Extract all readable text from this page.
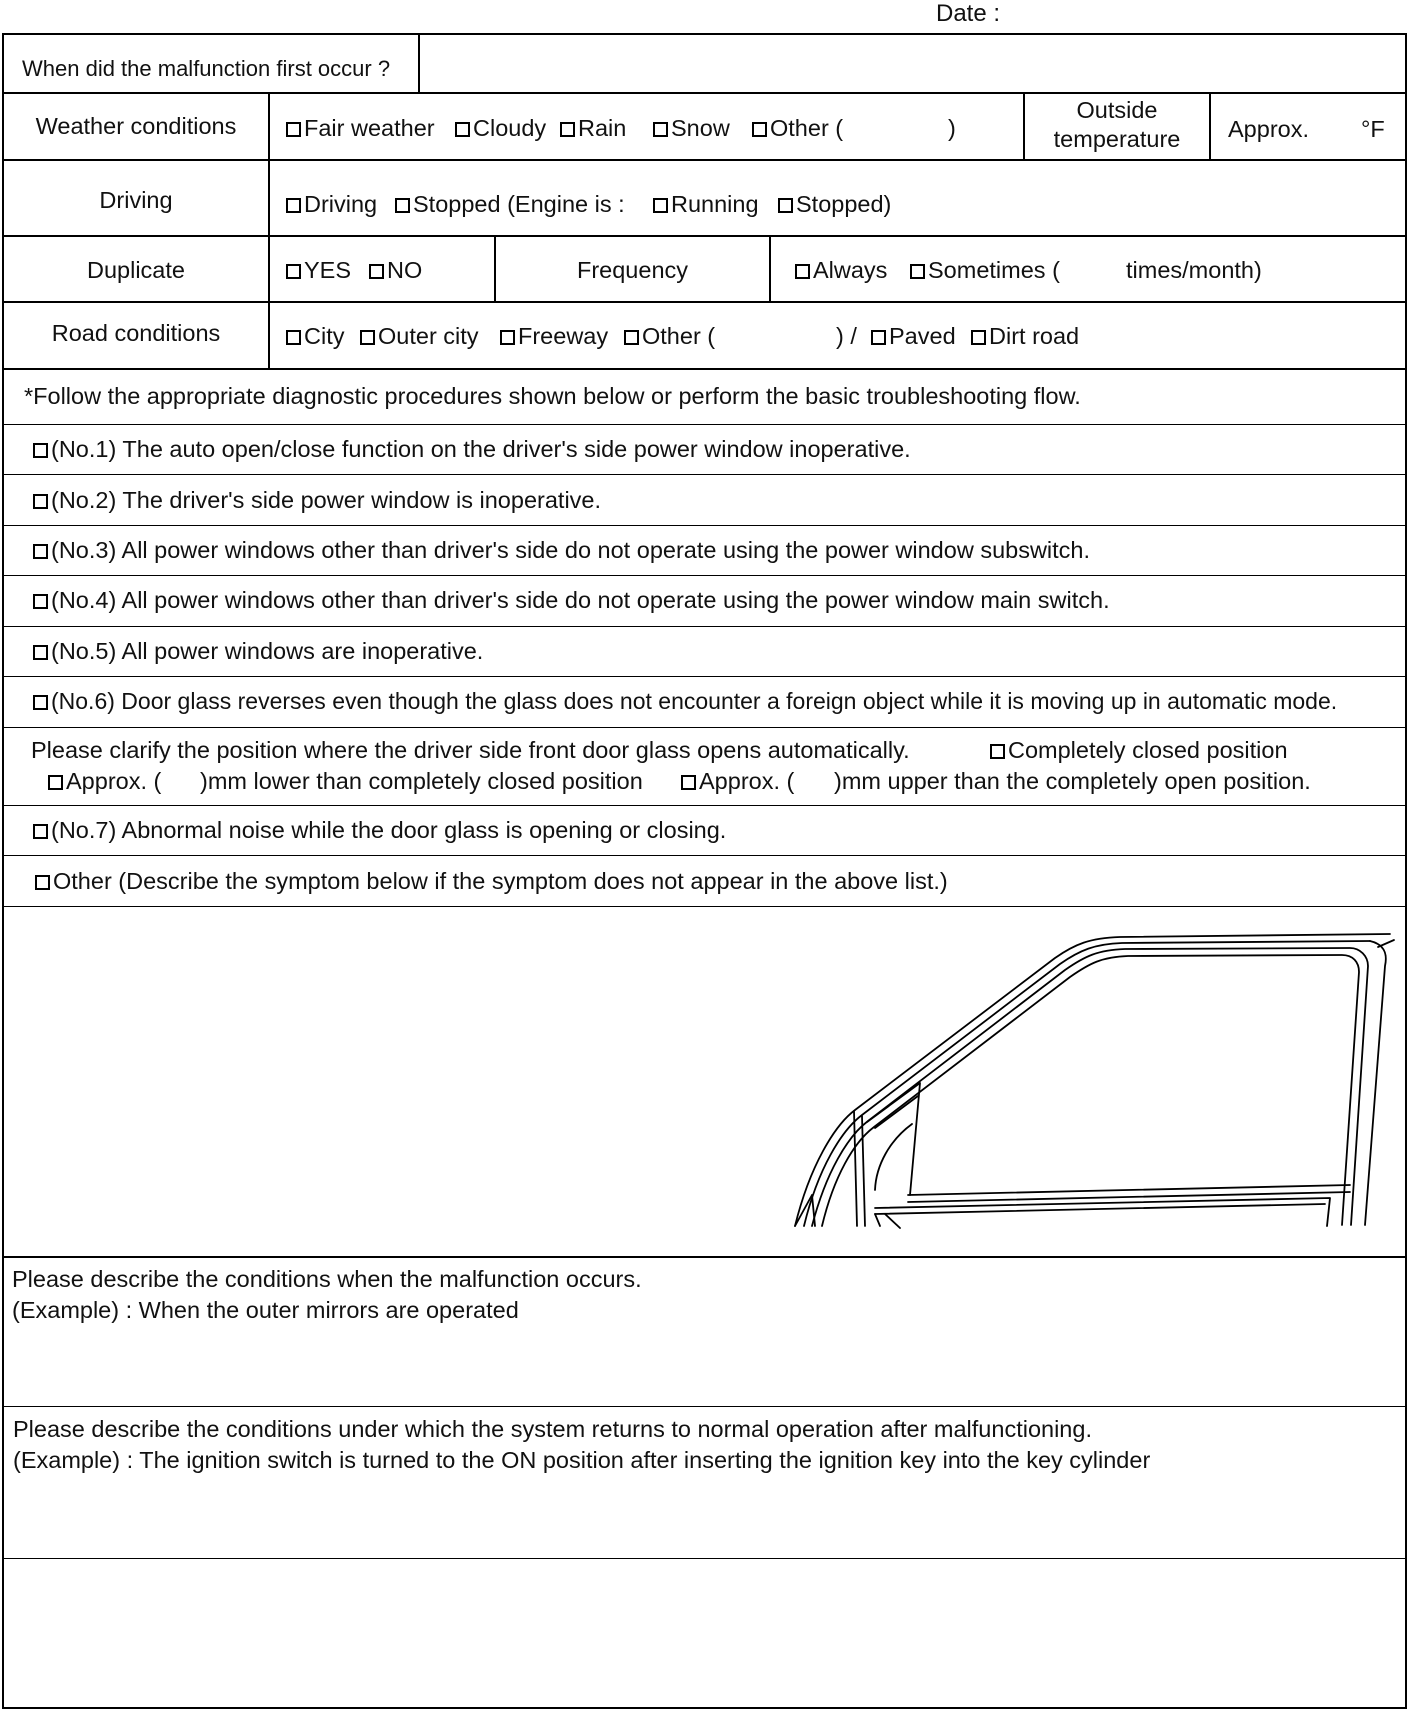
Date :
When did the malfunction first occur ?
Weather conditions	Fair weather	Cloudy	Rain	Snow	Other (	)
Outside
temperature	Approx. °F
Driving	Driving	Stopped (Engine is :	Running	Stopped)
Duplicate	YES	NO	Frequency	Always	Sometimes (	times/month)
Road conditions	City	Outer city	Freeway	Other (	) /	Paved	Dirt road
*Follow the appropriate diagnostic procedures shown below or perform the basic troubleshooting flow.
(No.1) The auto open/close function on the driver's side power window inoperative.
(No.2) The driver's side power window is inoperative.
(No.3) All power windows other than driver's side do not operate using the power window subswitch.
(No.4) All power windows other than driver's side do not operate using the power window main switch.
(No.5) All power windows are inoperative.
(No.6) Door glass reverses even though the glass does not encounter a foreign object while it is moving up in automatic mode.
Please clarify the position where the driver side front door glass opens automatically.	Completely closed position
Approx. ( )mm lower than completely closed position	Approx. ( )mm upper than the completely open position.
(No.7) Abnormal noise while the door glass is opening or closing.
Other (Describe the symptom below if the symptom does not appear in the above list.)
Please describe the conditions when the malfunction occurs.
(Example) : When the outer mirrors are operated
Please describe the conditions under which the system returns to normal operation after malfunctioning.
(Example) : The ignition switch is turned to the ON position after inserting the ignition key into the key cylinder
